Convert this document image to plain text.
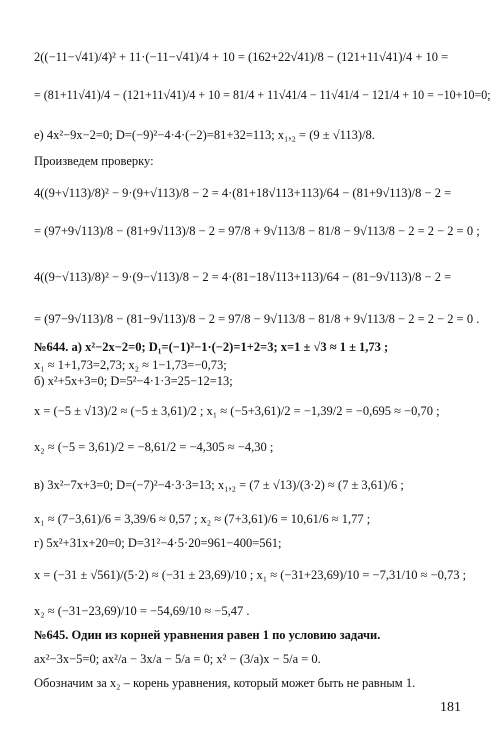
2((−11−√41)/4)² + 11·(−11−√41)/4 + 10 = (162+22√41)/8 − (121+11√41)/4 + 10 =
= (81+11√41)/4 − (121+11√41)/4 + 10 = 81/4 + 11√41/4 − 11√41/4 − 121/4 + 10 = −10+10=0;
е) 4x²−9x−2=0; D=(−9)²−4·4·(−2)=81+32=113; x₁,₂ = (9 ± √113)/8.
Произведем проверку:
4((9+√113)/8)² − 9·(9+√113)/8 − 2 = 4·(81+18√113+113)/64 − (81+9√113)/8 − 2 =
= (97+9√113)/8 − (81+9√113)/8 − 2 = 97/8 + 9√113/8 − 81/8 − 9√113/8 − 2 = 2 − 2 = 0 ;
4((9−√113)/8)² − 9·(9−√113)/8 − 2 = 4·(81−18√113+113)/64 − (81−9√113)/8 − 2 =
= (97−9√113)/8 − (81−9√113)/8 − 2 = 97/8 − 9√113/8 − 81/8 + 9√113/8 − 2 = 2 − 2 = 0 .
№644. а) x²−2x−2=0; D₁=(−1)²−1·(−2)=1+2=3; x=1 ± √3 ≈ 1 ± 1,73 ;
x₁ ≈ 1+1,73=2,73; x₂ ≈ 1−1,73=−0,73;
б) x²+5x+3=0; D=5²−4·1·3=25−12=13;
x = (−5 ± √13)/2 ≈ (−5 ± 3,61)/2 ; x₁ ≈ (−5+3,61)/2 = −1,39/2 = −0,695 ≈ −0,70 ;
x₂ ≈ (−5 = 3,61)/2 = −8,61/2 = −4,305 ≈ −4,30 ;
в) 3x²−7x+3=0; D=(−7)²−4·3·3=13; x₁,₂ = (7 ± √13)/(3·2) ≈ (7 ± 3,61)/6 ;
x₁ ≈ (7−3,61)/6 = 3,39/6 ≈ 0,57 ; x₂ ≈ (7+3,61)/6 = 10,61/6 ≈ 1,77 ;
г) 5x²+31x+20=0; D=31²−4·5·20=961−400=561;
x = (−31 ± √561)/(5·2) ≈ (−31 ± 23,69)/10 ; x₁ ≈ (−31+23,69)/10 = −7,31/10 ≈ −0,73 ;
x₂ ≈ (−31−23,69)/10 = −54,69/10 ≈ −5,47 .
№645. Один из корней уравнения равен 1 по условию задачи.
ax²−3x−5=0; ax²/a − 3x/a − 5/a = 0; x² − (3/a)x − 5/a = 0.
Обозначим за x₂ – корень уравнения, который может быть не равным 1.
181
